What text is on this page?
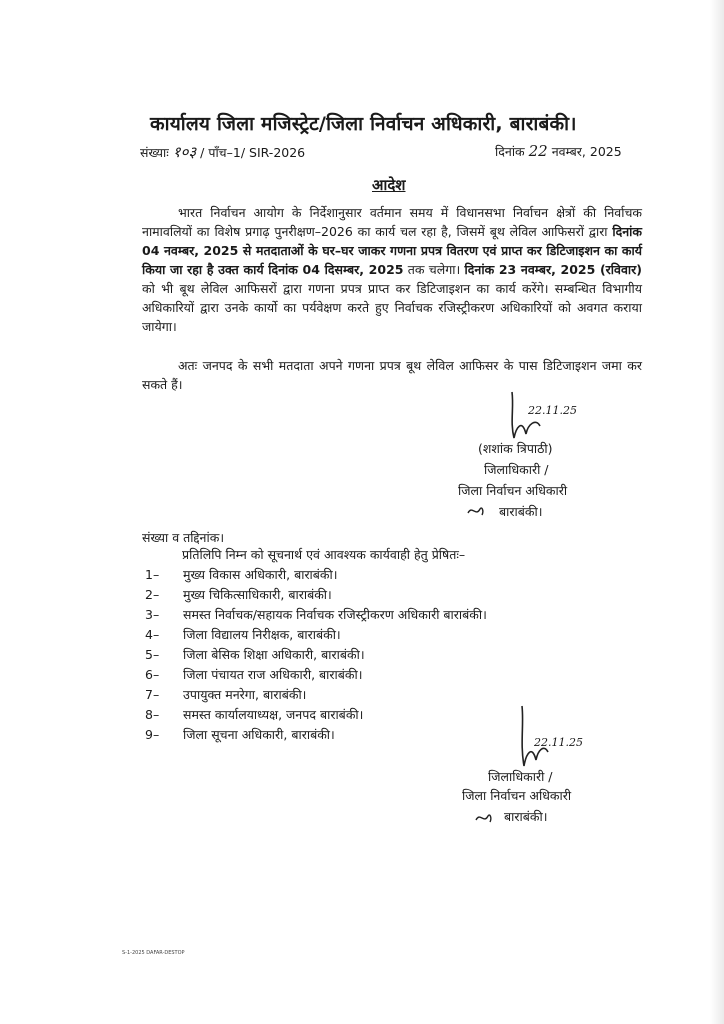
कार्यालय जिला मजिस्ट्रेट/जिला निर्वाचन अधिकारी, बाराबंकी।
संख्याः १०३ / पाँच–1/ SIR-2026	दिनांक 22 नवम्बर, 2025
आदेश
भारत निर्वाचन आयोग के निर्देशानुसार वर्तमान समय में विधानसभा निर्वाचन क्षेत्रों की निर्वाचक नामावलियों का विशेष प्रगाढ़ पुनरीक्षण–2026 का कार्य चल रहा है, जिसमें बूथ लेविल आफिसरों द्वारा दिनांक 04 नवम्बर, 2025 से मतदाताओं के घर–घर जाकर गणना प्रपत्र वितरण एवं प्राप्त कर डिटिजाइशन का कार्य किया जा रहा है उक्त कार्य दिनांक 04 दिसम्बर, 2025 तक चलेगा। दिनांक 23 नवम्बर, 2025 (रविवार) को भी बूथ लेविल आफिसरों द्वारा गणना प्रपत्र प्राप्त कर डिटिजाइशन का कार्य करेंगे। सम्बन्धित विभागीय अधिकारियों द्वारा उनके कार्यो का पर्यवेक्षण करते हुए निर्वाचक रजिस्ट्रीकरण अधिकारियों को अवगत कराया जायेगा।
अतः जनपद के सभी मतदाता अपने गणना प्रपत्र बूथ लेविल आफिसर के पास डिटिजाइशन जमा कर सकते हैं।
22.11.25
(शशांक त्रिपाठी)
जिलाधिकारी /
जिला निर्वाचन अधिकारी
बाराबंकी।
संख्या व तद्दिनांक।
प्रतिलिपि निम्न को सूचनार्थ एवं आवश्यक कार्यवाही हेतु प्रेषितः–
1– मुख्य विकास अधिकारी, बाराबंकी।
2– मुख्य चिकित्साधिकारी, बाराबंकी।
3– समस्त निर्वाचक/सहायक निर्वाचक रजिस्ट्रीकरण अधिकारी बाराबंकी।
4– जिला विद्यालय निरीक्षक, बाराबंकी।
5– जिला बेसिक शिक्षा अधिकारी, बाराबंकी।
6– जिला पंचायत राज अधिकारी, बाराबंकी।
7– उपायुक्त मनरेगा, बाराबंकी।
8– समस्त कार्यालयाध्यक्ष, जनपद बाराबंकी।
9– जिला सूचना अधिकारी, बाराबंकी।
22.11.25
जिलाधिकारी /
जिला निर्वाचन अधिकारी
बाराबंकी।
S-1-2025 DAFAR-DESTOP
